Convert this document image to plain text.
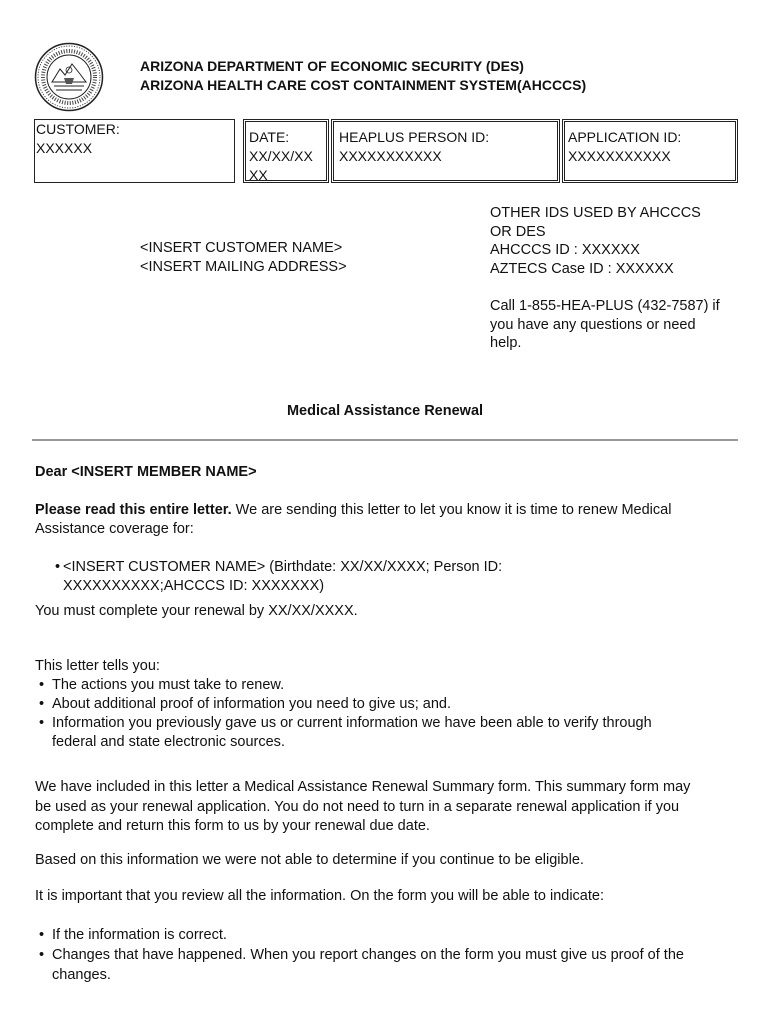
ARIZONA DEPARTMENT OF ECONOMIC SECURITY (DES)
ARIZONA HEALTH CARE COST CONTAINMENT SYSTEM(AHCCCS)
CUSTOMER:
XXXXXX
DATE:
XX/XX/XX
XX
HEAPLUS PERSON ID:
XXXXXXXXXXX
APPLICATION ID:
XXXXXXXXXXX
<INSERT CUSTOMER NAME>
<INSERT MAILING ADDRESS>
OTHER IDS USED BY AHCCCS
OR DES
AHCCCS ID : XXXXXX
AZTECS Case ID : XXXXXX
Call 1-855-HEA-PLUS (432-7587) if
you have any questions or need
help.
Medical Assistance Renewal
Dear <INSERT MEMBER NAME>
Please read this entire letter. We are sending this letter to let you know it is time to renew Medical
Assistance coverage for:
• <INSERT CUSTOMER NAME> (Birthdate: XX/XX/XXXX; Person ID:
XXXXXXXXXX;AHCCCS ID: XXXXXXX)
You must complete your renewal by XX/XX/XXXX.
This letter tells you:
• The actions you must take to renew.
• About additional proof of information you need to give us; and.
• Information you previously gave us or current information we have been able to verify through
federal and state electronic sources.
We have included in this letter a Medical Assistance Renewal Summary form. This summary form may
be used as your renewal application. You do not need to turn in a separate renewal application if you
complete and return this form to us by your renewal due date.
Based on this information we were not able to determine if you continue to be eligible.
It is important that you review all the information. On the form you will be able to indicate:
• If the information is correct.
• Changes that have happened. When you report changes on the form you must give us proof of the
changes.
